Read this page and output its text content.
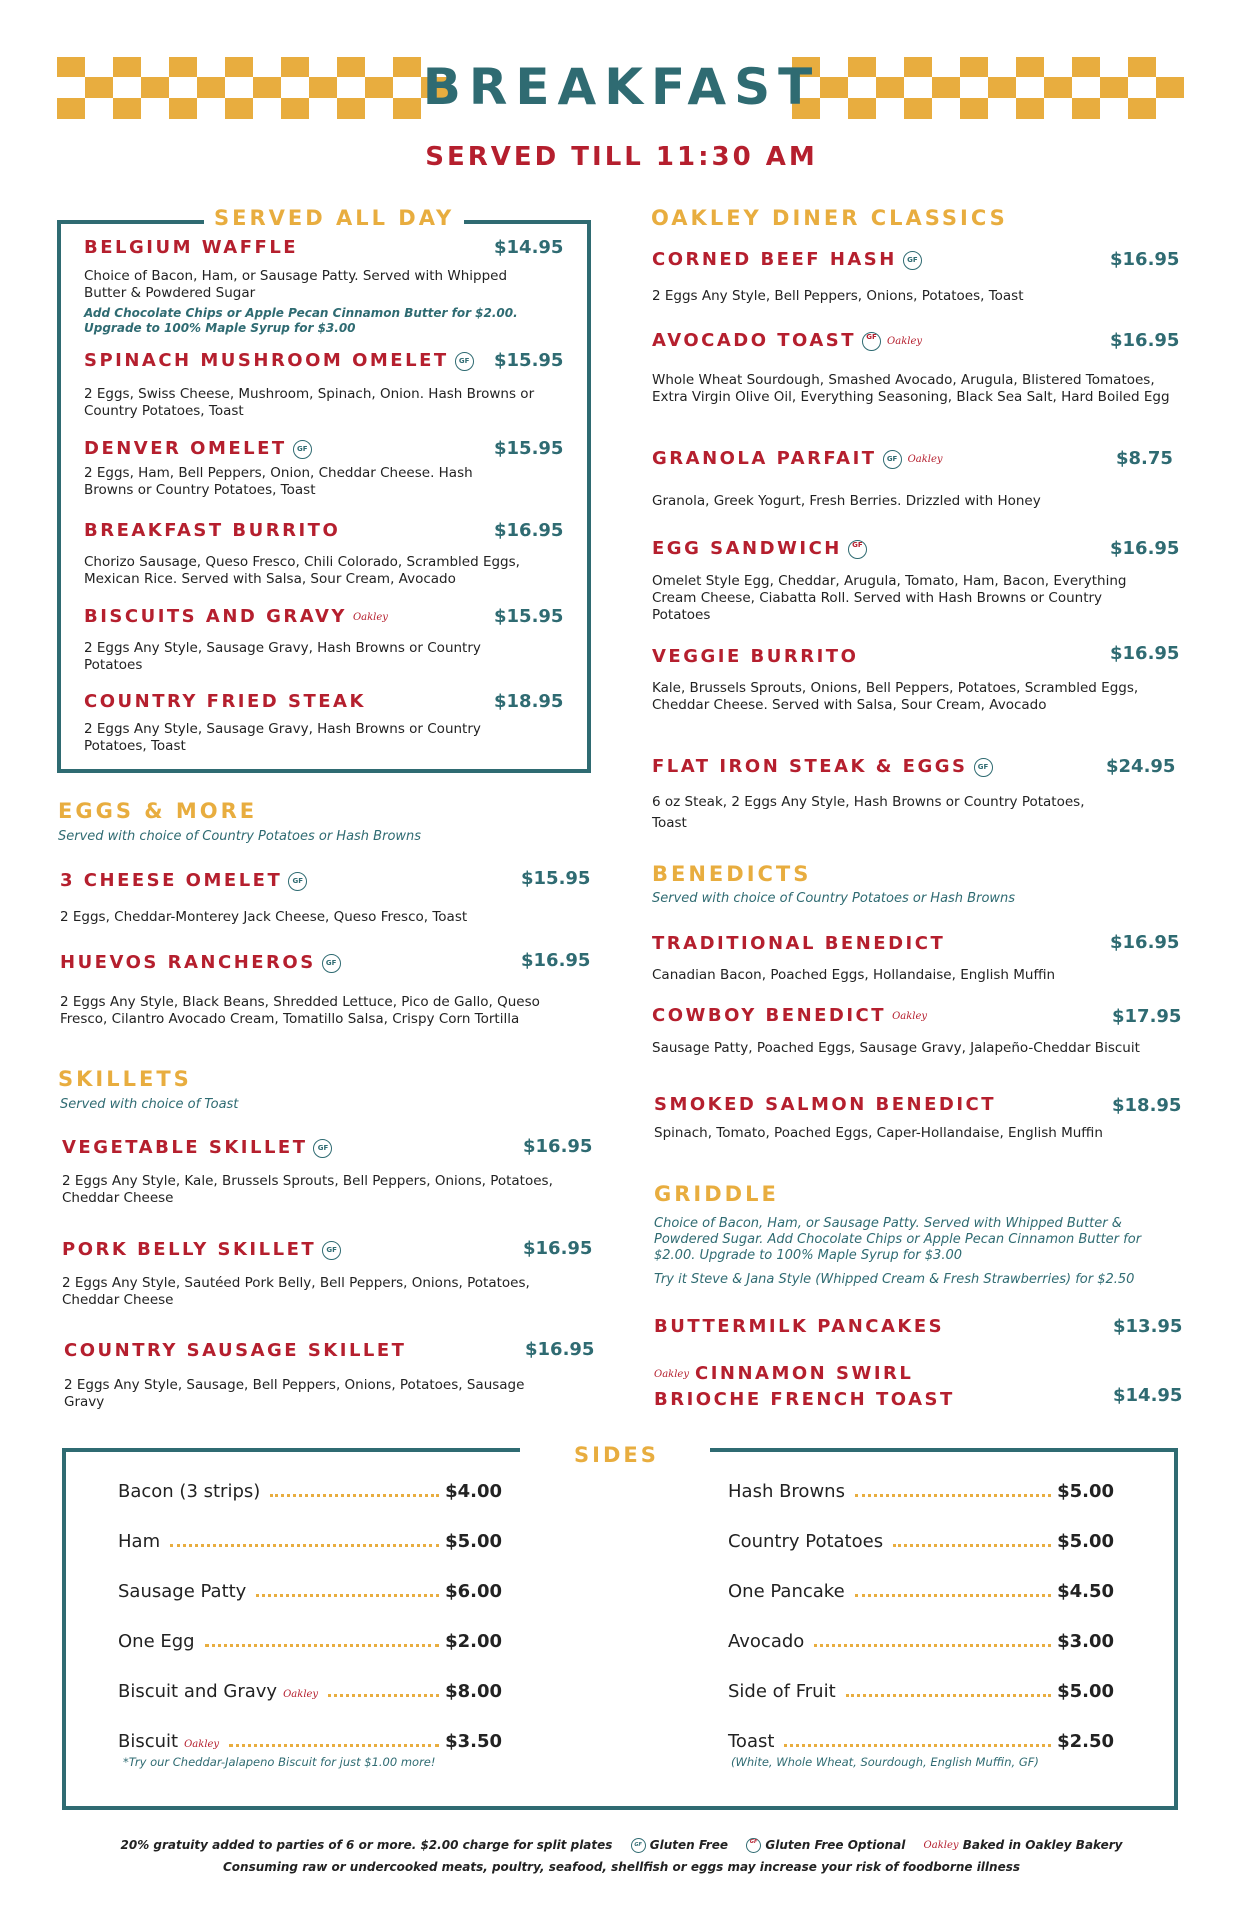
BREAKFAST
SERVED TILL 11:30 AM
SERVED ALL DAY
BELGIUM WAFFLE	$14.95
Choice of Bacon, Ham, or Sausage Patty. Served with Whipped Butter & Powdered Sugar
Add Chocolate Chips or Apple Pecan Cinnamon Butter for $2.00. Upgrade to 100% Maple Syrup for $3.00
SPINACH MUSHROOM OMELET GF $15.95
2 Eggs, Swiss Cheese, Mushroom, Spinach, Onion. Hash Browns or Country Potatoes, Toast
DENVER OMELET GF	$15.95
2 Eggs, Ham, Bell Peppers, Onion, Cheddar Cheese. Hash Browns or Country Potatoes, Toast
BREAKFAST BURRITO	$16.95
Chorizo Sausage, Queso Fresco, Chili Colorado, Scrambled Eggs, Mexican Rice. Served with Salsa, Sour Cream, Avocado
BISCUITS AND GRAVY Oakley	$15.95
2 Eggs Any Style, Sausage Gravy, Hash Browns or Country Potatoes
COUNTRY FRIED STEAK	$18.95
2 Eggs Any Style, Sausage Gravy, Hash Browns or Country Potatoes, Toast
EGGS & MORE
Served with choice of Country Potatoes or Hash Browns
3 CHEESE OMELET GF	$15.95
2 Eggs, Cheddar-Monterey Jack Cheese, Queso Fresco, Toast
HUEVOS RANCHEROS GF	$16.95
2 Eggs Any Style, Black Beans, Shredded Lettuce, Pico de Gallo, Queso Fresco, Cilantro Avocado Cream, Tomatillo Salsa, Crispy Corn Tortilla
SKILLETS
Served with choice of Toast
VEGETABLE SKILLET GF	$16.95
2 Eggs Any Style, Kale, Brussels Sprouts, Bell Peppers, Onions, Potatoes, Cheddar Cheese
PORK BELLY SKILLET GF	$16.95
2 Eggs Any Style, Sautéed Pork Belly, Bell Peppers, Onions, Potatoes, Cheddar Cheese
COUNTRY SAUSAGE SKILLET	$16.95
2 Eggs Any Style, Sausage, Bell Peppers, Onions, Potatoes, Sausage Gravy
OAKLEY DINER CLASSICS
CORNED BEEF HASH GF	$16.95
2 Eggs Any Style, Bell Peppers, Onions, Potatoes, Toast
AVOCADO TOAST GF Oakley	$16.95
Whole Wheat Sourdough, Smashed Avocado, Arugula, Blistered Tomatoes, Extra Virgin Olive Oil, Everything Seasoning, Black Sea Salt, Hard Boiled Egg
GRANOLA PARFAIT GF Oakley	$8.75
Granola, Greek Yogurt, Fresh Berries. Drizzled with Honey
EGG SANDWICH GF	$16.95
Omelet Style Egg, Cheddar, Arugula, Tomato, Ham, Bacon, Everything Cream Cheese, Ciabatta Roll. Served with Hash Browns or Country Potatoes
VEGGIE BURRITO	$16.95
Kale, Brussels Sprouts, Onions, Bell Peppers, Potatoes, Scrambled Eggs, Cheddar Cheese. Served with Salsa, Sour Cream, Avocado
FLAT IRON STEAK & EGGS GF	$24.95
6 oz Steak, 2 Eggs Any Style, Hash Browns or Country Potatoes, Toast
BENEDICTS
Served with choice of Country Potatoes or Hash Browns
TRADITIONAL BENEDICT	$16.95
Canadian Bacon, Poached Eggs, Hollandaise, English Muffin
COWBOY BENEDICT Oakley	$17.95
Sausage Patty, Poached Eggs, Sausage Gravy, Jalapeño-Cheddar Biscuit
SMOKED SALMON BENEDICT	$18.95
Spinach, Tomato, Poached Eggs, Caper-Hollandaise, English Muffin
GRIDDLE
Choice of Bacon, Ham, or Sausage Patty. Served with Whipped Butter & Powdered Sugar. Add Chocolate Chips or Apple Pecan Cinnamon Butter for $2.00. Upgrade to 100% Maple Syrup for $3.00
Try it Steve & Jana Style (Whipped Cream & Fresh Strawberries) for $2.50
BUTTERMILK PANCAKES	$13.95
Oakley CINNAMON SWIRL
BRIOCHE FRENCH TOAST	$14.95
SIDES
Bacon (3 strips)	$4.00
Ham	$5.00
Sausage Patty	$6.00
One Egg	$2.00
Biscuit and Gravy Oakley	$8.00
Biscuit Oakley	$3.50
*Try our Cheddar-Jalapeno Biscuit for just $1.00 more!
Hash Browns	$5.00
Country Potatoes	$5.00
One Pancake	$4.50
Avocado	$3.00
Side of Fruit	$5.00
Toast	$2.50
(White, Whole Wheat, Sourdough, English Muffin, GF)
20% gratuity added to parties of 6 or more. $2.00 charge for split plates	GF Gluten Free	GF Gluten Free Optional Oakley Baked in Oakley Bakery
Consuming raw or undercooked meats, poultry, seafood, shellfish or eggs may increase your risk of foodborne illness
